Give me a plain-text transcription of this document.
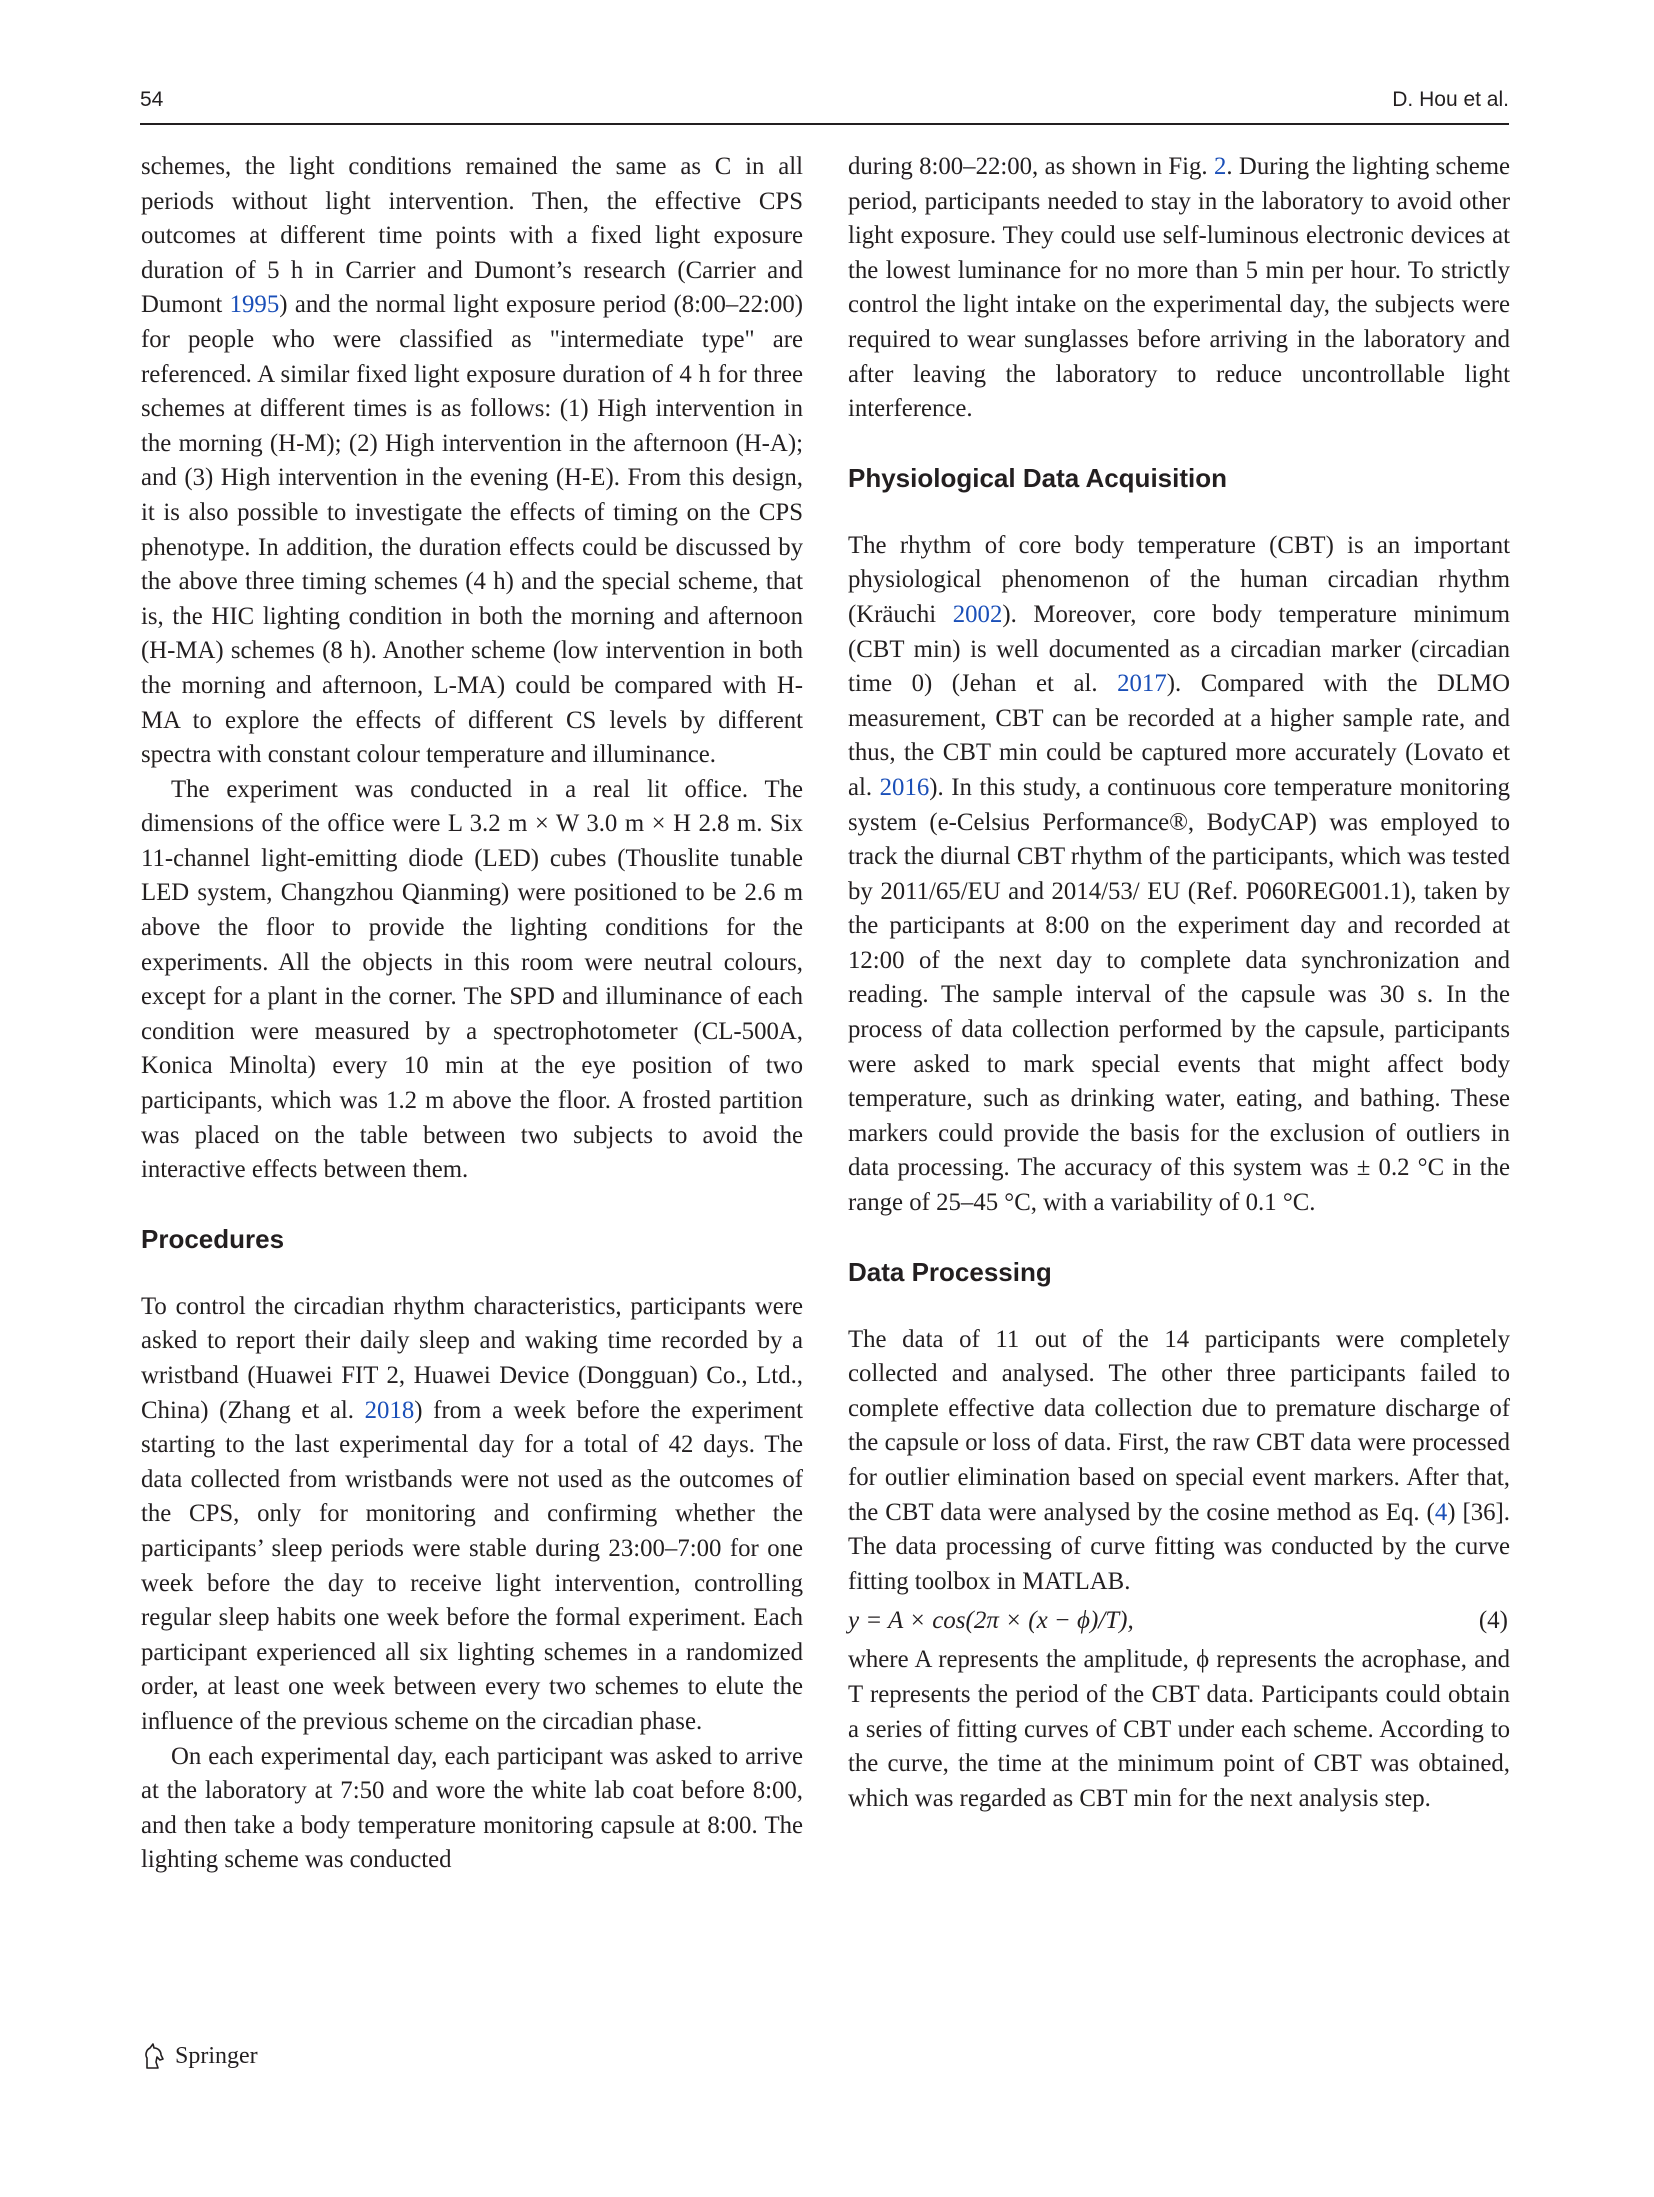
54	D. Hou et al.

schemes, the light conditions remained the same as C in all periods without light intervention. Then, the effective CPS outcomes at different time points with a fixed light exposure duration of 5 h in Carrier and Dumont’s research (Carrier and Dumont 1995) and the normal light exposure period (8:00–22:00) for people who were classified as "intermediate type" are referenced. A similar fixed light exposure duration of 4 h for three schemes at different times is as follows: (1) High intervention in the morning (H-M); (2) High intervention in the afternoon (H-A); and (3) High intervention in the evening (H-E). From this design, it is also possible to investigate the effects of timing on the CPS phenotype. In addition, the duration effects could be discussed by the above three timing schemes (4 h) and the special scheme, that is, the HIC lighting condition in both the morning and afternoon (H-MA) schemes (8 h). Another scheme (low intervention in both the morning and afternoon, L-MA) could be compared with H-MA to explore the effects of different CS levels by different spectra with constant colour temperature and illuminance.

The experiment was conducted in a real lit office. The dimensions of the office were L 3.2 m × W 3.0 m × H 2.8 m. Six 11-channel light-emitting diode (LED) cubes (Thouslite tunable LED system, Changzhou Qianming) were positioned to be 2.6 m above the floor to provide the lighting conditions for the experiments. All the objects in this room were neutral colours, except for a plant in the corner. The SPD and illuminance of each condition were measured by a spectrophotometer (CL-500A, Konica Minolta) every 10 min at the eye position of two participants, which was 1.2 m above the floor. A frosted partition was placed on the table between two subjects to avoid the interactive effects between them.

Procedures

To control the circadian rhythm characteristics, participants were asked to report their daily sleep and waking time recorded by a wristband (Huawei FIT 2, Huawei Device (Dongguan) Co., Ltd., China) (Zhang et al. 2018) from a week before the experiment starting to the last experimental day for a total of 42 days. The data collected from wristbands were not used as the outcomes of the CPS, only for monitoring and confirming whether the participants’ sleep periods were stable during 23:00–7:00 for one week before the day to receive light intervention, controlling regular sleep habits one week before the formal experiment. Each participant experienced all six lighting schemes in a randomized order, at least one week between every two schemes to elute the influence of the previous scheme on the circadian phase.

On each experimental day, each participant was asked to arrive at the laboratory at 7:50 and wore the white lab coat before 8:00, and then take a body temperature monitoring capsule at 8:00. The lighting scheme was conducted

during 8:00–22:00, as shown in Fig. 2. During the lighting scheme period, participants needed to stay in the laboratory to avoid other light exposure. They could use self-luminous electronic devices at the lowest luminance for no more than 5 min per hour. To strictly control the light intake on the experimental day, the subjects were required to wear sunglasses before arriving in the laboratory and after leaving the laboratory to reduce uncontrollable light interference.

Physiological Data Acquisition

The rhythm of core body temperature (CBT) is an important physiological phenomenon of the human circadian rhythm (Kräuchi 2002). Moreover, core body temperature minimum (CBT min) is well documented as a circadian marker (circadian time 0) (Jehan et al. 2017). Compared with the DLMO measurement, CBT can be recorded at a higher sample rate, and thus, the CBT min could be captured more accurately (Lovato et al. 2016). In this study, a continuous core temperature monitoring system (e-Celsius Performance®, BodyCAP) was employed to track the diurnal CBT rhythm of the participants, which was tested by 2011/65/EU and 2014/53/ EU (Ref. P060REG001.1), taken by the participants at 8:00 on the experiment day and recorded at 12:00 of the next day to complete data synchronization and reading. The sample interval of the capsule was 30 s. In the process of data collection performed by the capsule, participants were asked to mark special events that might affect body temperature, such as drinking water, eating, and bathing. These markers could provide the basis for the exclusion of outliers in data processing. The accuracy of this system was ± 0.2 °C in the range of 25–45 °C, with a variability of 0.1 °C.

Data Processing

The data of 11 out of the 14 participants were completely collected and analysed. The other three participants failed to complete effective data collection due to premature discharge of the capsule or loss of data. First, the raw CBT data were processed for outlier elimination based on special event markers. After that, the CBT data were analysed by the cosine method as Eq. (4) [36]. The data processing of curve fitting was conducted by the curve fitting toolbox in MATLAB.

y = A × cos(2π × (x − ϕ)/T),	(4)

where A represents the amplitude, ϕ represents the acrophase, and T represents the period of the CBT data. Participants could obtain a series of fitting curves of CBT under each scheme. According to the curve, the time at the minimum point of CBT was obtained, which was regarded as CBT min for the next analysis step.

Springer
